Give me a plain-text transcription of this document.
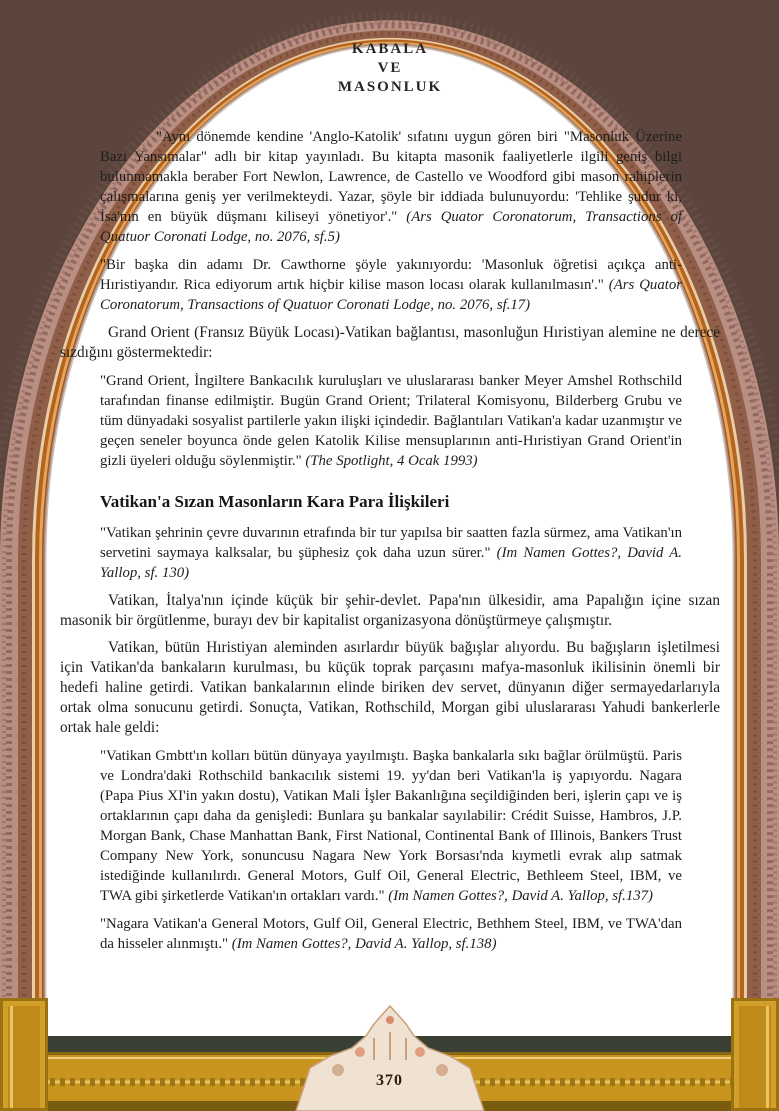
KABALA
VE
MASONLUK

"Aynı dönemde kendine 'Anglo-Katolik' sıfatını uygun gören biri "Masonluk Üzerine Bazı Yansımalar" adlı bir kitap yayınladı. Bu kitapta masonik faaliyetlerle ilgili geniş bilgi bulunmamakla beraber Fort Newlon, Lawrence, de Castello ve Woodford gibi mason rahiplerin çalışmalarına geniş yer verilmekteydi. Yazar, şöyle bir iddiada bulunuyordu: 'Tehlike şudur ki, İsa'nın en büyük düşmanı kiliseyi yönetiyor'." (Ars Quator Coronatorum, Transactions of Quatuor Coronati Lodge, no. 2076, sf.5)

"Bir başka din adamı Dr. Cawthorne şöyle yakınıyordu: 'Masonluk öğretisi açıkça anti-Hıristiyandır. Rica ediyorum artık hiçbir kilise mason locası olarak kullanılmasın'." (Ars Quator Coronatorum, Transactions of Quatuor Coronati Lodge, no. 2076, sf.17)

Grand Orient (Fransız Büyük Locası)-Vatikan bağlantısı, masonluğun Hıristiyan alemine ne derece sızdığını göstermektedir:

"Grand Orient, İngiltere Bankacılık kuruluşları ve uluslararası banker Meyer Amshel Rothschild tarafından finanse edilmiştir. Bugün Grand Orient; Trilateral Komisyonu, Bilderberg Grubu ve tüm dünyadaki sosyalist partilerle yakın ilişki içindedir. Bağlantıları Vatikan'a kadar uzanmıştır ve geçen seneler boyunca önde gelen Katolik Kilise mensuplarının anti-Hıristiyan Grand Orient'in gizli üyeleri olduğu söylenmiştir." (The Spotlight, 4 Ocak 1993)

Vatikan'a Sızan Masonların Kara Para İlişkileri

"Vatikan şehrinin çevre duvarının etrafında bir tur yapılsa bir saatten fazla sürmez, ama Vatikan'ın servetini saymaya kalksalar, bu şüphesiz çok daha uzun sürer." (Im Namen Gottes?, David A. Yallop, sf. 130)

Vatikan, İtalya'nın içinde küçük bir şehir-devlet. Papa'nın ülkesidir, ama Papalığın içine sızan masonik bir örgütlenme, burayı dev bir kapitalist organizasyona dönüştürmeye çalışmıştır.

Vatikan, bütün Hıristiyan aleminden asırlardır büyük bağışlar alıyordu. Bu bağışların işletilmesi için Vatikan'da bankaların kurulması, bu küçük toprak parçasını mafya-masonluk ikilisinin önemli bir hedefi haline getirdi. Vatikan bankalarının elinde biriken dev servet, dünyanın diğer sermayedarlarıyla ortak olma sonucunu getirdi. Sonuçta, Vatikan, Rothschild, Morgan gibi uluslararası Yahudi bankerlerle ortak hale geldi:

"Vatikan Gmbtt'ın kolları bütün dünyaya yayılmıştı. Başka bankalarla sıkı bağlar örülmüştü. Paris ve Londra'daki Rothschild bankacılık sistemi 19. yy'dan beri Vatikan'la iş yapıyordu. Nagara (Papa Pius XI'in yakın dostu), Vatikan Mali İşler Bakanlığına seçildiğinden beri, işlerin çapı ve iş ortaklarının çapı daha da genişledi: Bunlara şu bankalar sayılabilir: Crédit Suisse, Hambros, J.P. Morgan Bank, Chase Manhattan Bank, First National, Continental Bank of Illinois, Bankers Trust Company New York, sonuncusu Nagara New York Borsası'nda kıymetli evrak alıp satmak istediğinde kullanılırdı. General Motors, Gulf Oil, General Electric, Bethleem Steel, IBM, ve TWA gibi şirketlerde Vatikan'ın ortakları vardı." (Im Namen Gottes?, David A. Yallop, sf.137)

"Nagara Vatikan'a General Motors, Gulf Oil, General Electric, Bethhem Steel, IBM, ve TWA'dan da hisseler alınmıştı." (Im Namen Gottes?, David A. Yallop, sf.138)

370
